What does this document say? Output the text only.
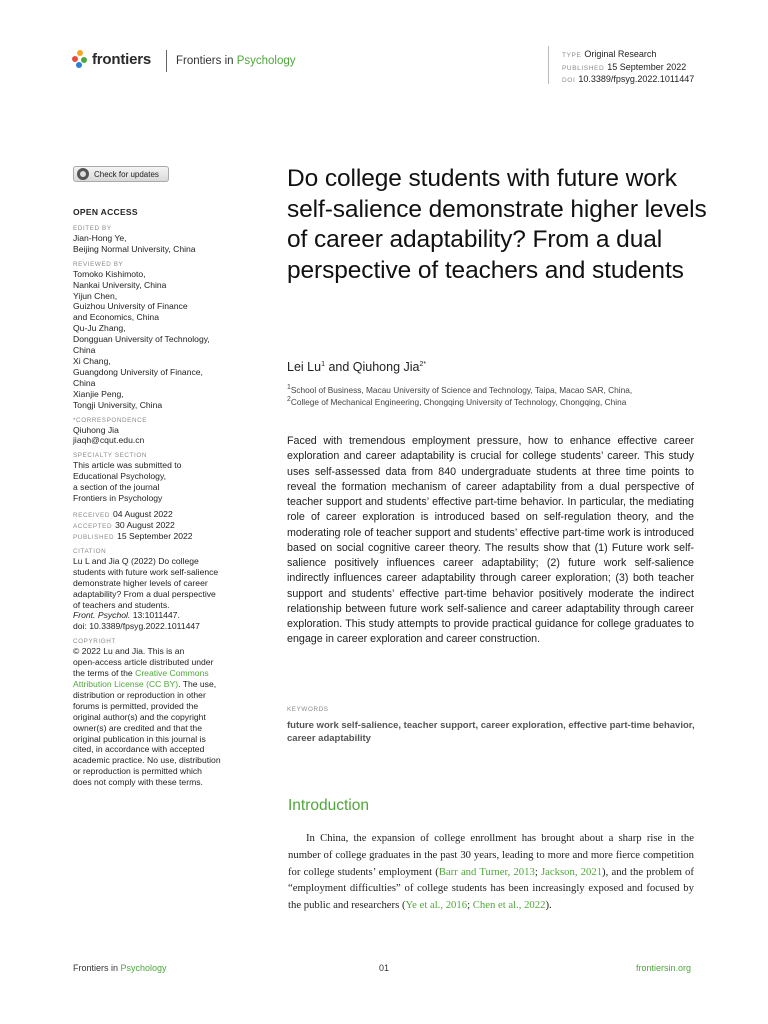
frontiers Frontiers in Psychology	TYPE Original Research
PUBLISHED 15 September 2022
DOI 10.3389/fpsyg.2022.1011447
Check for updates
OPEN ACCESS
EDITED BY
Jian-Hong Ye,
Beijing Normal University, China
REVIEWED BY
Tomoko Kishimoto,
Nankai University, China
Yijun Chen,
Guizhou University of Finance
and Economics, China
Qu-Ju Zhang,
Dongguan University of Technology,
China
Xi Chang,
Guangdong University of Finance,
China
Xianjie Peng,
Tongji University, China
*CORRESPONDENCE
Qiuhong Jia
jiaqh@cqut.edu.cn
SPECIALTY SECTION
This article was submitted to
Educational Psychology,
a section of the journal
Frontiers in Psychology
RECEIVED 04 August 2022
ACCEPTED 30 August 2022
PUBLISHED 15 September 2022
CITATION
Lu L and Jia Q (2022) Do college
students with future work self-salience
demonstrate higher levels of career
adaptability? From a dual perspective
of teachers and students.
Front. Psychol. 13:1011447.
doi: 10.3389/fpsyg.2022.1011447
COPYRIGHT
© 2022 Lu and Jia. This is an
open-access article distributed under
the terms of the Creative Commons
Attribution License (CC BY). The use,
distribution or reproduction in other
forums is permitted, provided the
original author(s) and the copyright
owner(s) are credited and that the
original publication in this journal is
cited, in accordance with accepted
academic practice. No use, distribution
or reproduction is permitted which
does not comply with these terms.
Do college students with future work self-salience demonstrate higher levels of career adaptability? From a dual perspective of teachers and students
Lei Lu$^1$ and Qiuhong Jia$^{2*}$
$^1$School of Business, Macau University of Science and Technology, Taipa, Macao SAR, China,
$^2$College of Mechanical Engineering, Chongqing University of Technology, Chongqing, China

Faced with tremendous employment pressure, how to enhance effective career exploration and career adaptability is crucial for college students’ career. This study uses self-assessed data from 840 undergraduate students at three time points to reveal the formation mechanism of career adaptability from a dual perspective of teacher support and students’ effective part-time behavior. In particular, the mediating role of career exploration is introduced based on self-regulation theory, and the moderating role of teacher support and students’ effective part-time work is introduced based on social cognitive career theory. The results show that (1) Future work self-salience positively influences career adaptability; (2) future work self-salience indirectly influences career adaptability through career exploration; (3) both teacher support and students’ effective part-time behavior positively moderate the indirect relationship between future work self-salience and career adaptability through career exploration. This study attempts to provide practical guidance for college graduates to engage in career exploration and career construction.

KEYWORDS
future work self-salience, teacher support, career exploration, effective part-time behavior, career adaptability
Introduction

In China, the expansion of college enrollment has brought about a sharp rise in the number of college graduates in the past 30 years, leading to more and more fierce competition for college students’ employment (Barr and Turner, 2013; Jackson, 2021), and the problem of “employment difficulties” of college students has been increasingly exposed and focused by the public and researchers (Ye et al., 2016; Chen et al., 2022).

Frontiers in Psychology	01	frontiersin.org
